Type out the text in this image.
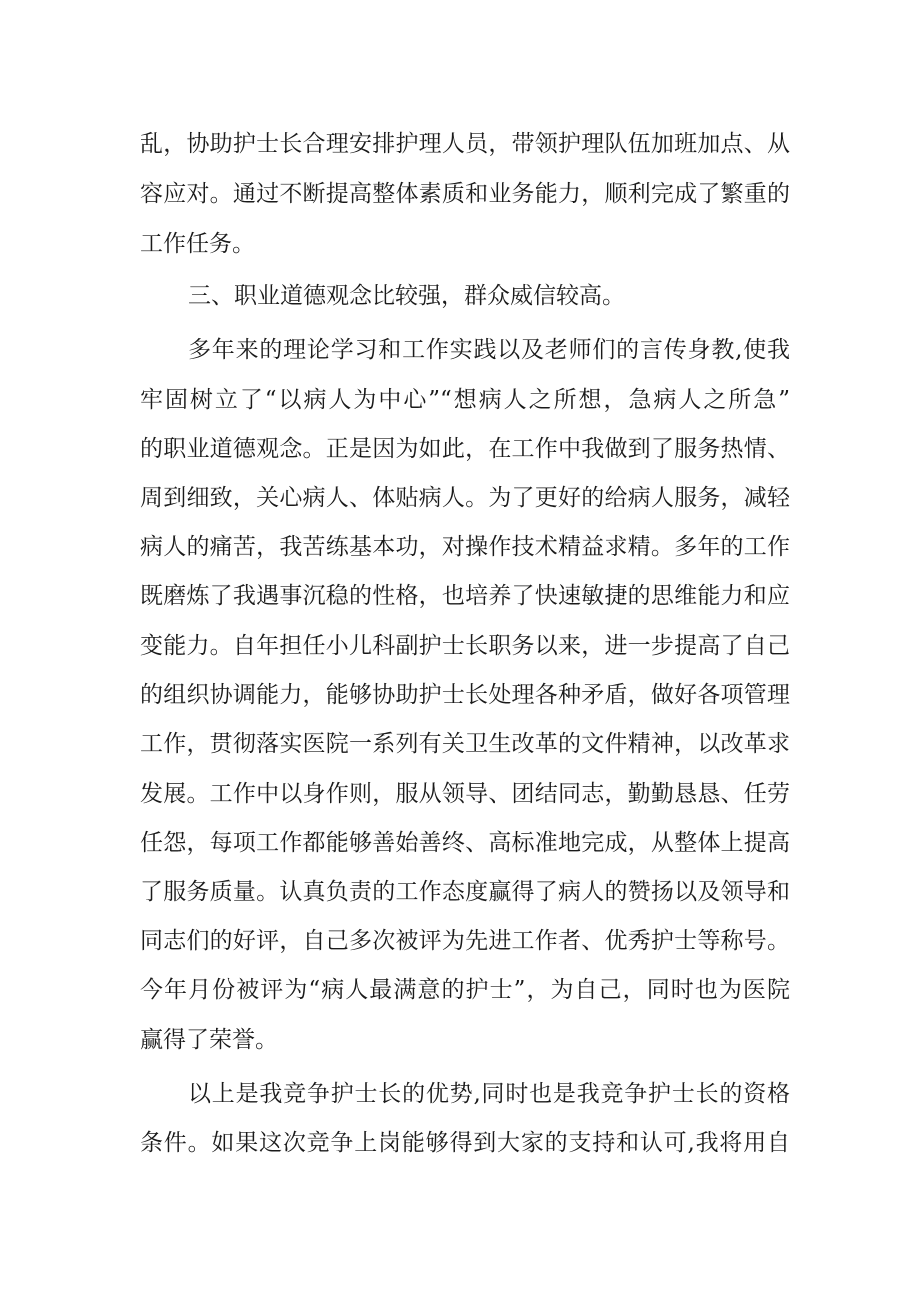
乱，协助护士长合理安排护理人员，带领护理队伍加班加点、从
容应对。通过不断提高整体素质和业务能力，顺利完成了繁重的
工作任务。
三、职业道德观念比较强，群众威信较高。
多年来的理论学习和工作实践以及老师们的言传身教,使我
牢固树立了“以病人为中心”“想病人之所想，急病人之所急”
的职业道德观念。正是因为如此，在工作中我做到了服务热情、
周到细致，关心病人、体贴病人。为了更好的给病人服务，减轻
病人的痛苦，我苦练基本功，对操作技术精益求精。多年的工作
既磨炼了我遇事沉稳的性格，也培养了快速敏捷的思维能力和应
变能力。自年担任小儿科副护士长职务以来，进一步提高了自己
的组织协调能力，能够协助护士长处理各种矛盾，做好各项管理
工作，贯彻落实医院一系列有关卫生改革的文件精神，以改革求
发展。工作中以身作则，服从领导、团结同志，勤勤恳恳、任劳
任怨，每项工作都能够善始善终、高标准地完成，从整体上提高
了服务质量。认真负责的工作态度赢得了病人的赞扬以及领导和
同志们的好评，自己多次被评为先进工作者、优秀护士等称号。
今年月份被评为“病人最满意的护士”，为自己，同时也为医院
赢得了荣誉。
以上是我竞争护士长的优势,同时也是我竞争护士长的资格
条件。如果这次竞争上岗能够得到大家的支持和认可,我将用自
